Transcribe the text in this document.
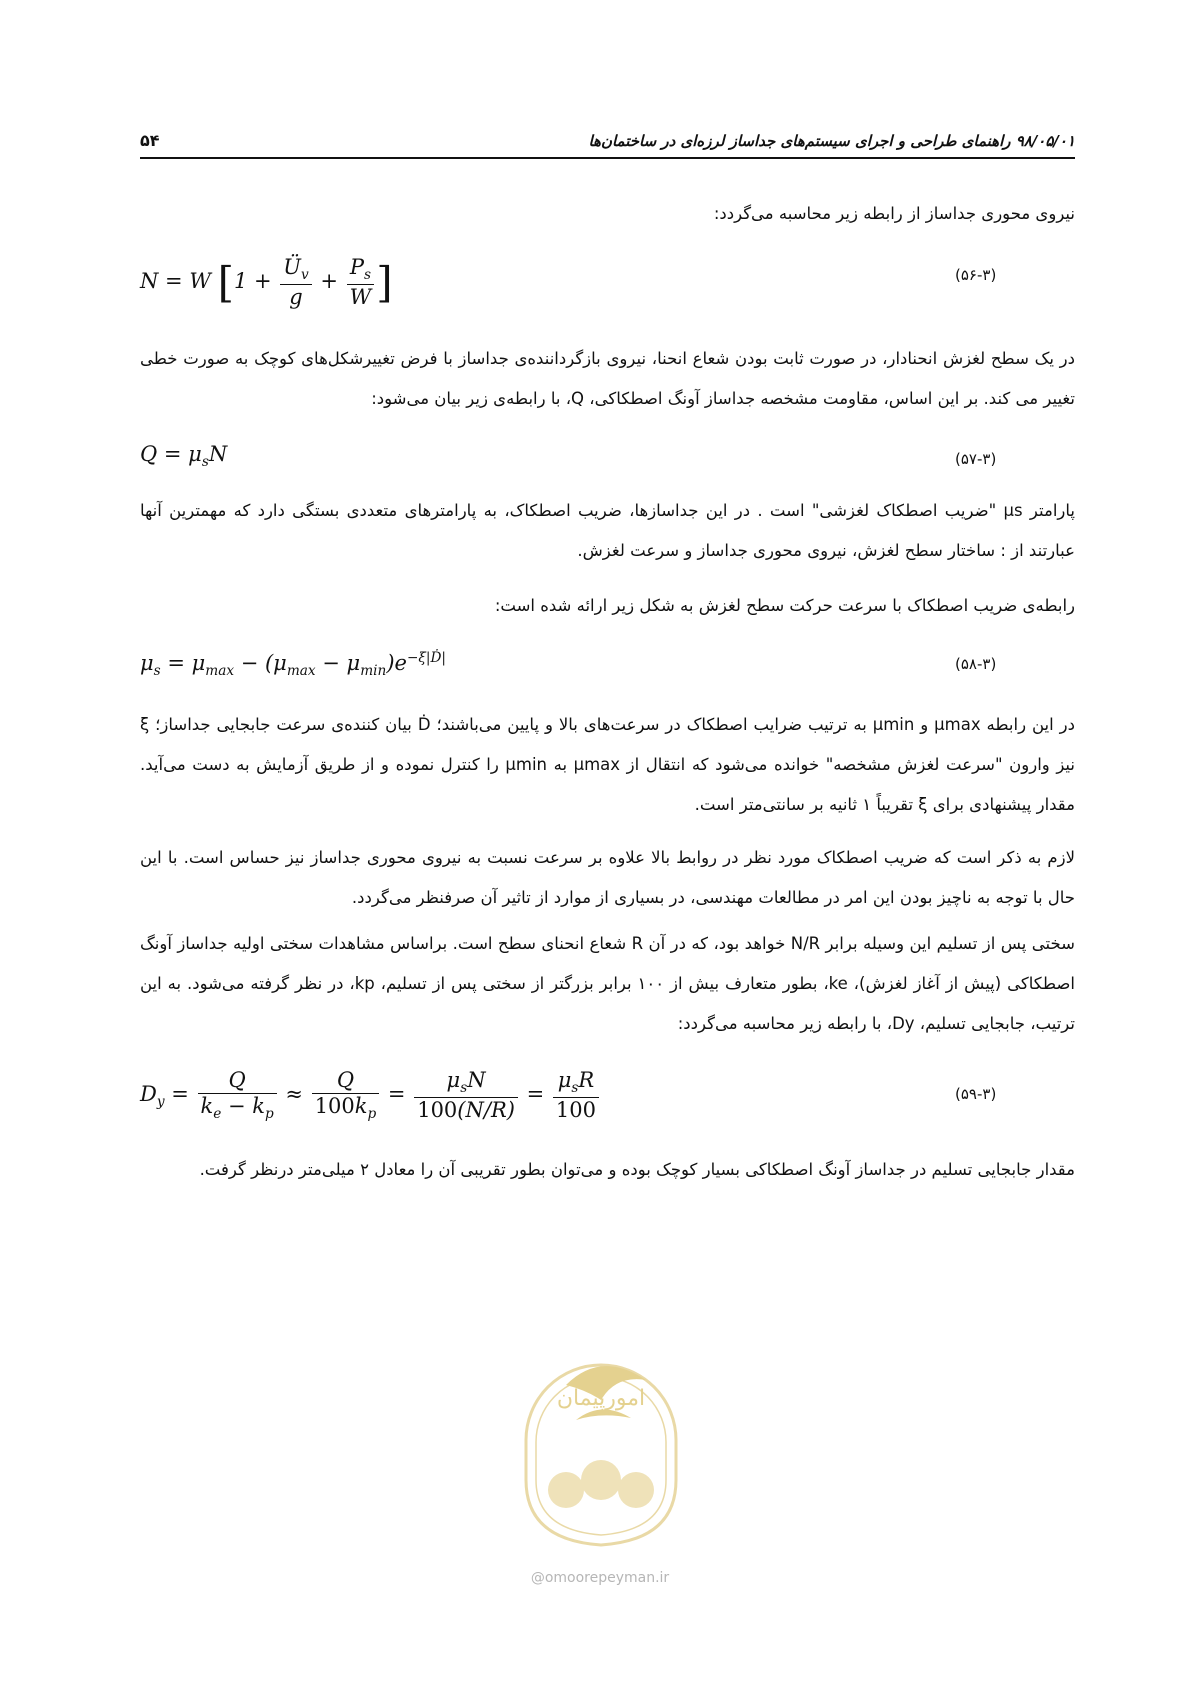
۵۴	۹۸/۰۵/۰۱ راهنمای طراحی و اجرای سیستم‌های جداساز لرزه‌ای در ساختمان‌ها
نیروی محوری جداساز از رابطه زیر محاسبه می‌گردد:
N = W [$1 + \frac{Ü_v}{g} + \frac{P_s}{W}$ ]	(۵۶-۳)
در یک سطح لغزش انحنادار، در صورت ثابت بودن شعاع انحنا، نیروی بازگرداننده‌ی جداساز با فرض تغییرشکل‌های کوچک به صورت خطی تغییر می کند. بر این اساس، مقاومت مشخصه جداساز آونگ اصطکاکی، Q، با رابطه‌ی زیر بیان می‌شود:
$Q = \mu_sN$	(۵۷-۳)
پارامتر μs "ضریب اصطکاک لغزشی" است . در این جداسازها، ضریب اصطکاک، به پارامترهای متعددی بستگی دارد که مهمترین آنها عبارتند از : ساختار سطح لغزش، نیروی محوری جداساز و سرعت لغزش.
رابطه‌ی ضریب اصطکاک با سرعت حرکت سطح لغزش به شکل زیر ارائه شده است:
$\mu_s = \mu_{max} - (\mu_{max} - \mu_{min})e^{-\xi|Ḋ|}$	(۵۸-۳)
در این رابطه μmax و μmin به ترتیب ضرایب اصطکاک در سرعت‌های بالا و پایین می‌باشند؛ Ḋ بیان کننده‌ی سرعت جابجایی جداساز؛ ξ نیز وارون "سرعت لغزش مشخصه" خوانده می‌شود که انتقال از μmax به μmin را کنترل نموده و از طریق آزمایش به دست می‌آید. مقدار پیشنهادی برای ξ تقریباً ۱ ثانیه بر سانتی‌متر است.
لازم به ذکر است که ضریب اصطکاک مورد نظر در روابط بالا علاوه بر سرعت نسبت به نیروی محوری جداساز نیز حساس است. با این حال با توجه به ناچیز بودن این امر در مطالعات مهندسی، در بسیاری از موارد از تاثیر آن صرفنظر می‌گردد.
سختی پس از تسلیم این وسیله برابر N/R خواهد بود، که در آن R شعاع انحنای سطح است. براساس مشاهدات سختی اولیه جداساز آونگ اصطکاکی (پیش از آغاز لغزش)، ke، بطور متعارف بیش از ۱۰۰ برابر بزرگتر از سختی پس از تسلیم، kp، در نظر گرفته می‌شود. به این ترتیب، جابجایی تسلیم، Dy، با رابطه زیر محاسبه می‌گردد:
$D_y = \frac{Q}{k_e - k_p} \approx \frac{Q}{100k_p} = \frac{\mu_sN}{100(N/R)} = \frac{\mu_sR}{100}$	(۵۹-۳)
مقدار جابجایی تسلیم در جداساز آونگ اصطکاکی بسیار کوچک بوده و می‌توان بطور تقریبی آن را معادل ۲ میلی‌متر درنظر گرفت.
امورپیمان
@omoorepeyman.ir
